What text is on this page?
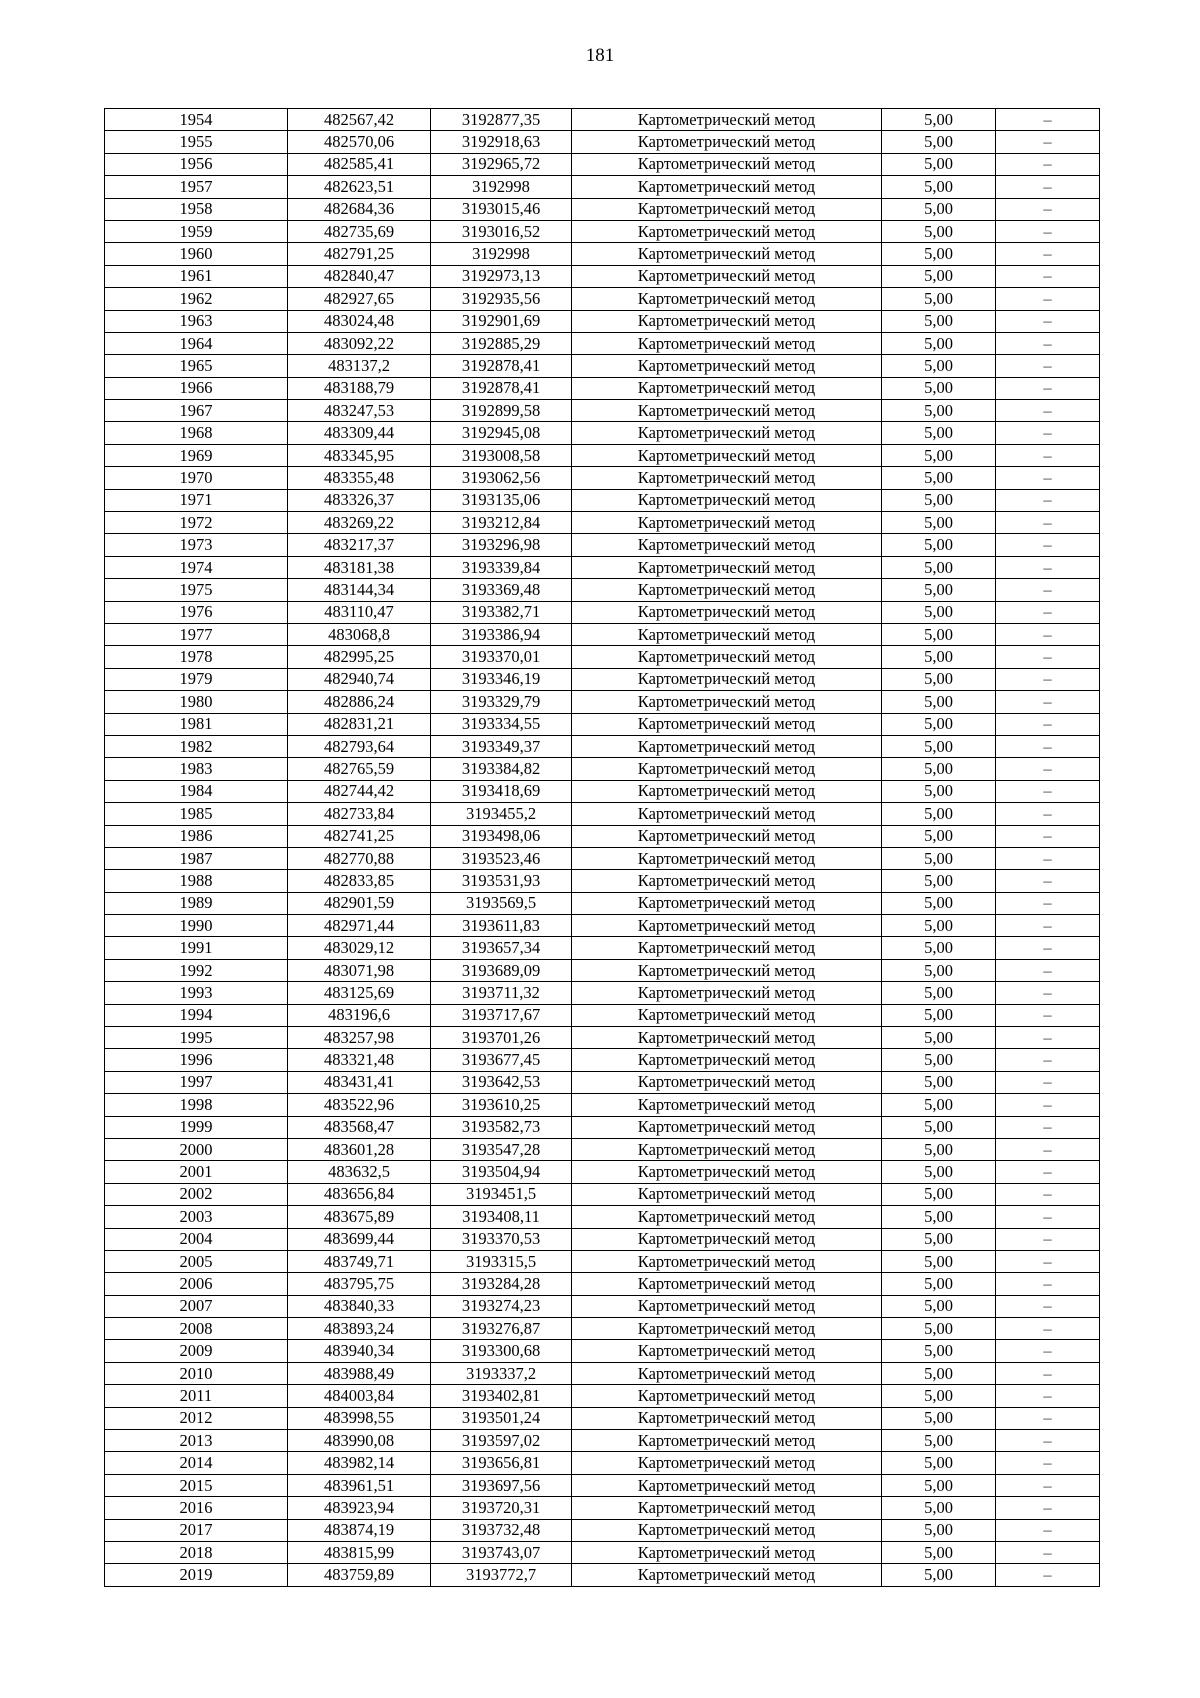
181
1954	482567,42	3192877,35	Картометрический метод	5,00	–
1955	482570,06	3192918,63	Картометрический метод	5,00	–
1956	482585,41	3192965,72	Картометрический метод	5,00	–
1957	482623,51	3192998	Картометрический метод	5,00	–
1958	482684,36	3193015,46	Картометрический метод	5,00	–
1959	482735,69	3193016,52	Картометрический метод	5,00	–
1960	482791,25	3192998	Картометрический метод	5,00	–
1961	482840,47	3192973,13	Картометрический метод	5,00	–
1962	482927,65	3192935,56	Картометрический метод	5,00	–
1963	483024,48	3192901,69	Картометрический метод	5,00	–
1964	483092,22	3192885,29	Картометрический метод	5,00	–
1965	483137,2	3192878,41	Картометрический метод	5,00	–
1966	483188,79	3192878,41	Картометрический метод	5,00	–
1967	483247,53	3192899,58	Картометрический метод	5,00	–
1968	483309,44	3192945,08	Картометрический метод	5,00	–
1969	483345,95	3193008,58	Картометрический метод	5,00	–
1970	483355,48	3193062,56	Картометрический метод	5,00	–
1971	483326,37	3193135,06	Картометрический метод	5,00	–
1972	483269,22	3193212,84	Картометрический метод	5,00	–
1973	483217,37	3193296,98	Картометрический метод	5,00	–
1974	483181,38	3193339,84	Картометрический метод	5,00	–
1975	483144,34	3193369,48	Картометрический метод	5,00	–
1976	483110,47	3193382,71	Картометрический метод	5,00	–
1977	483068,8	3193386,94	Картометрический метод	5,00	–
1978	482995,25	3193370,01	Картометрический метод	5,00	–
1979	482940,74	3193346,19	Картометрический метод	5,00	–
1980	482886,24	3193329,79	Картометрический метод	5,00	–
1981	482831,21	3193334,55	Картометрический метод	5,00	–
1982	482793,64	3193349,37	Картометрический метод	5,00	–
1983	482765,59	3193384,82	Картометрический метод	5,00	–
1984	482744,42	3193418,69	Картометрический метод	5,00	–
1985	482733,84	3193455,2	Картометрический метод	5,00	–
1986	482741,25	3193498,06	Картометрический метод	5,00	–
1987	482770,88	3193523,46	Картометрический метод	5,00	–
1988	482833,85	3193531,93	Картометрический метод	5,00	–
1989	482901,59	3193569,5	Картометрический метод	5,00	–
1990	482971,44	3193611,83	Картометрический метод	5,00	–
1991	483029,12	3193657,34	Картометрический метод	5,00	–
1992	483071,98	3193689,09	Картометрический метод	5,00	–
1993	483125,69	3193711,32	Картометрический метод	5,00	–
1994	483196,6	3193717,67	Картометрический метод	5,00	–
1995	483257,98	3193701,26	Картометрический метод	5,00	–
1996	483321,48	3193677,45	Картометрический метод	5,00	–
1997	483431,41	3193642,53	Картометрический метод	5,00	–
1998	483522,96	3193610,25	Картометрический метод	5,00	–
1999	483568,47	3193582,73	Картометрический метод	5,00	–
2000	483601,28	3193547,28	Картометрический метод	5,00	–
2001	483632,5	3193504,94	Картометрический метод	5,00	–
2002	483656,84	3193451,5	Картометрический метод	5,00	–
2003	483675,89	3193408,11	Картометрический метод	5,00	–
2004	483699,44	3193370,53	Картометрический метод	5,00	–
2005	483749,71	3193315,5	Картометрический метод	5,00	–
2006	483795,75	3193284,28	Картометрический метод	5,00	–
2007	483840,33	3193274,23	Картометрический метод	5,00	–
2008	483893,24	3193276,87	Картометрический метод	5,00	–
2009	483940,34	3193300,68	Картометрический метод	5,00	–
2010	483988,49	3193337,2	Картометрический метод	5,00	–
2011	484003,84	3193402,81	Картометрический метод	5,00	–
2012	483998,55	3193501,24	Картометрический метод	5,00	–
2013	483990,08	3193597,02	Картометрический метод	5,00	–
2014	483982,14	3193656,81	Картометрический метод	5,00	–
2015	483961,51	3193697,56	Картометрический метод	5,00	–
2016	483923,94	3193720,31	Картометрический метод	5,00	–
2017	483874,19	3193732,48	Картометрический метод	5,00	–
2018	483815,99	3193743,07	Картометрический метод	5,00	–
2019	483759,89	3193772,7	Картометрический метод	5,00	–
